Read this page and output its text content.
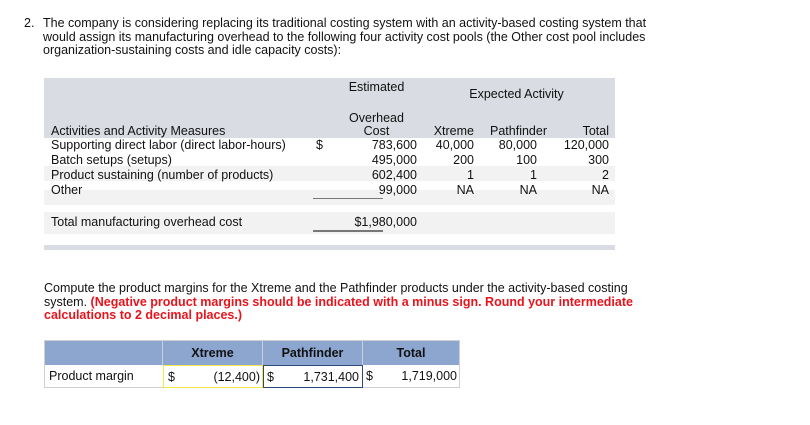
2. The company is considering replacing its traditional costing system with an activity-based costing system that would assign its manufacturing overhead to the following four activity cost pools (the Other cost pool includes organization-sustaining costs and idle capacity costs):
Estimated	Expected Activity
Overhead
Cost
Activities and Activity Measures	Xtreme	Pathfinder	Total
Supporting direct labor (direct labor-hours) $	783,600	40,000	80,000	120,000
Batch setups (setups)	495,000	200	100	300
Product sustaining (number of products)	602,400	1	1	2
Other	99,000	NA	NA	NA
Total manufacturing overhead cost	$1,980,000
Compute the product margins for the Xtreme and the Pathfinder products under the activity-based costing system. (Negative product margins should be indicated with a minus sign. Round your intermediate calculations to 2 decimal places.)
Xtreme	Pathfinder	Total
Product margin	$	(12,400) $ 1,731,400 $ 1,719,000
